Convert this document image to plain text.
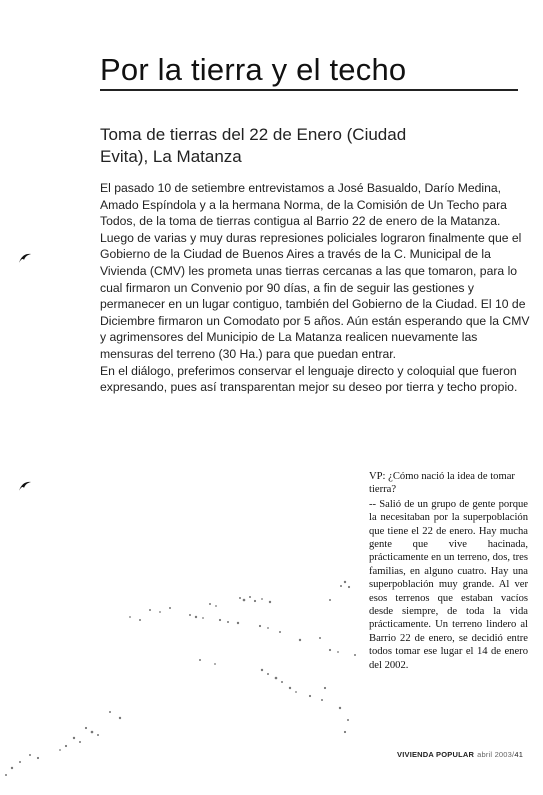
Por la tierra y el techo
Toma de tierras del 22 de Enero (Ciudad Evita), La Matanza

El pasado 10 de setiembre entrevistamos a José Basualdo, Darío Medina, Amado Espíndola y a la hermana Norma, de la Comisión de Un Techo para Todos, de la toma de tierras contigua al Barrio 22 de enero de la Matanza.

Luego de varias y muy duras represiones policiales lograron finalmente que el Gobierno de la Ciudad de Buenos Aires a través de la C. Municipal de la Vivienda (CMV) les prometa unas tierras cercanas a las que tomaron, para lo cual firmaron un Convenio por 90 días, a fin de seguir las gestiones y permanecer en un lugar contiguo, también del Gobierno de la Ciudad. El 10 de Diciembre firmaron un Comodato por 5 años. Aún están esperando que la CMV y agrimensores del Municipio de La Matanza realicen nuevamente las mensuras del terreno (30 Ha.) para que puedan entrar.

En el diálogo, preferimos conservar el lenguaje directo y coloquial que fueron expresando, pues así transparentan mejor su deseo por tierra y techo propio.

VP: ¿Cómo nació la idea de tomar tierra?

-- Salió de un grupo de gente porque la necesitaban por la superpoblación que tiene el 22 de enero. Hay mucha gente que vive hacinada, prácticamente en un terreno, dos, tres familias, en alguno cuatro. Hay una superpoblación muy grande. Al ver esos terrenos que estaban vacíos desde siempre, de toda la vida prácticamente. Un terreno lindero al Barrio 22 de enero, se decidió entre todos tomar ese lugar el 14 de enero del 2002.

VIVIENDA POPULAR abril 2003/41
